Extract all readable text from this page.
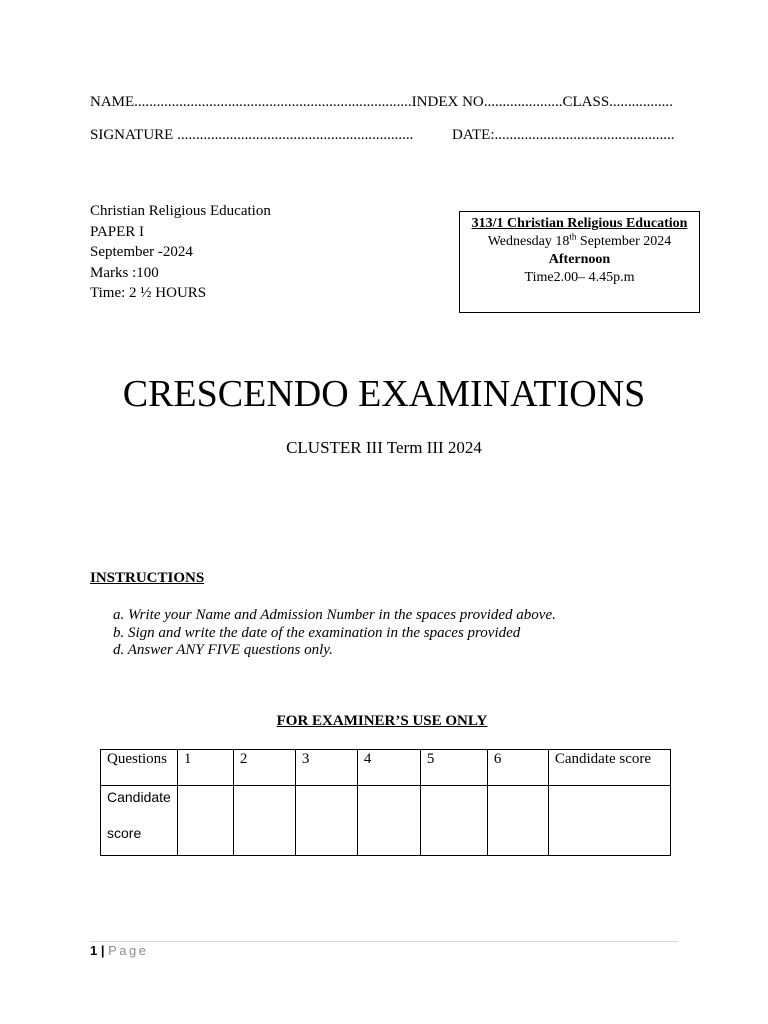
NAME..........................................................................INDEX NO.....................CLASS.................
SIGNATURE ...............................................................	DATE:................................................
Christian Religious Education
PAPER I
September -2024
Marks :100
Time: 2 ½ HOURS
313/1 Christian Religious Education
Wednesday 18th September 2024
Afternoon
Time2.00– 4.45p.m
CRESCENDO EXAMINATIONS
CLUSTER III Term III 2024
INSTRUCTIONS
a. Write your Name and Admission Number in the spaces provided above.
b. Sign and write the date of the examination in the spaces provided
d. Answer ANY FIVE questions only.
FOR EXAMINER’S USE ONLY
Questions	1	2	3	4	5	6	Candidate score

Candidate
score							

1 | Page
